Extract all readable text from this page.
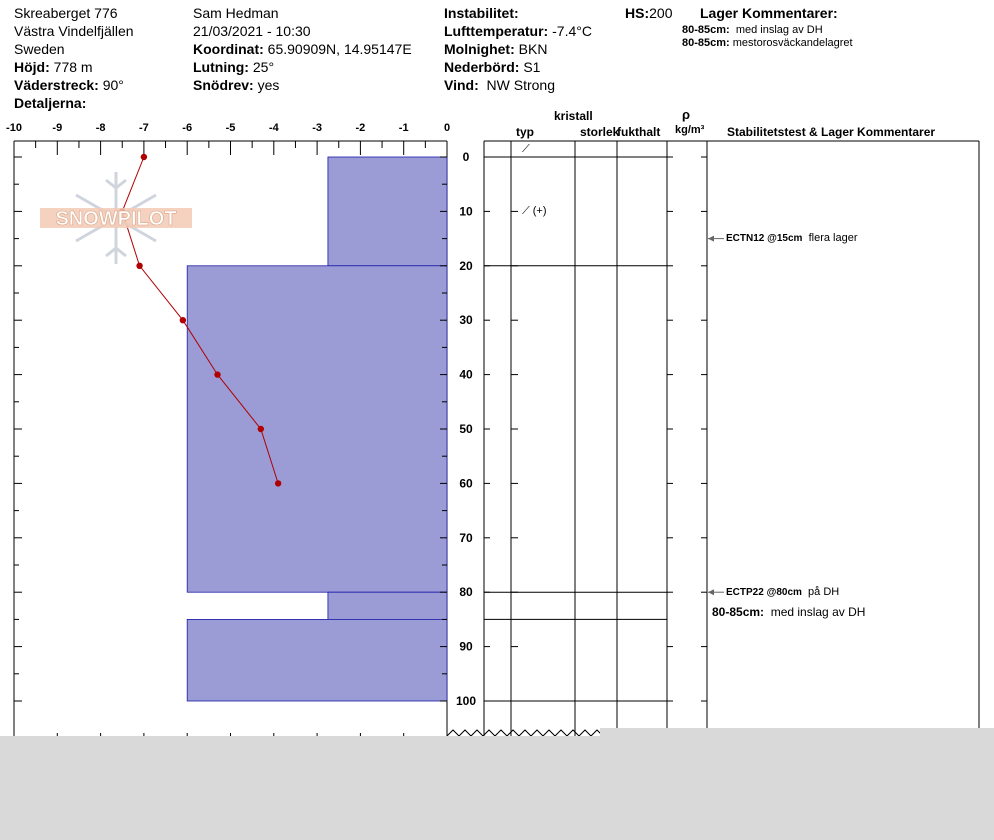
Skreaberget 776
Västra Vindelfjällen
Sweden
Höjd: 778 m
Väderstreck: 90°
Detaljerna:
Sam Hedman
21/03/2021 - 10:30
Koordinat: 65.90909N, 14.95147E
Lutning: 25°
Snödrev: yes
Instabilitet:
Lufttemperatur: -7.4°C
Molnighet: BKN
Nederbörd: S1
Vind: NW Strong
HS:200 Lager Kommentarer:
80-85cm: med inslag av DH
80-85cm: mestorosväckandelagret
-10	-9	-8	-7	-6	-5	-4	-3	-2	-1	0
0
10
20
30
40
50
60
70
80
90
100
kristall
typ	storlek
fukthalt
ρ
kg/m³ Stabilitetstest & Lager Kommentarer
⟋
⟋ (+)
ECTN12 @15cm flera lager
ECTP22 @80cm på DH
80-85cm: med inslag av DH
SNOWPILOT
